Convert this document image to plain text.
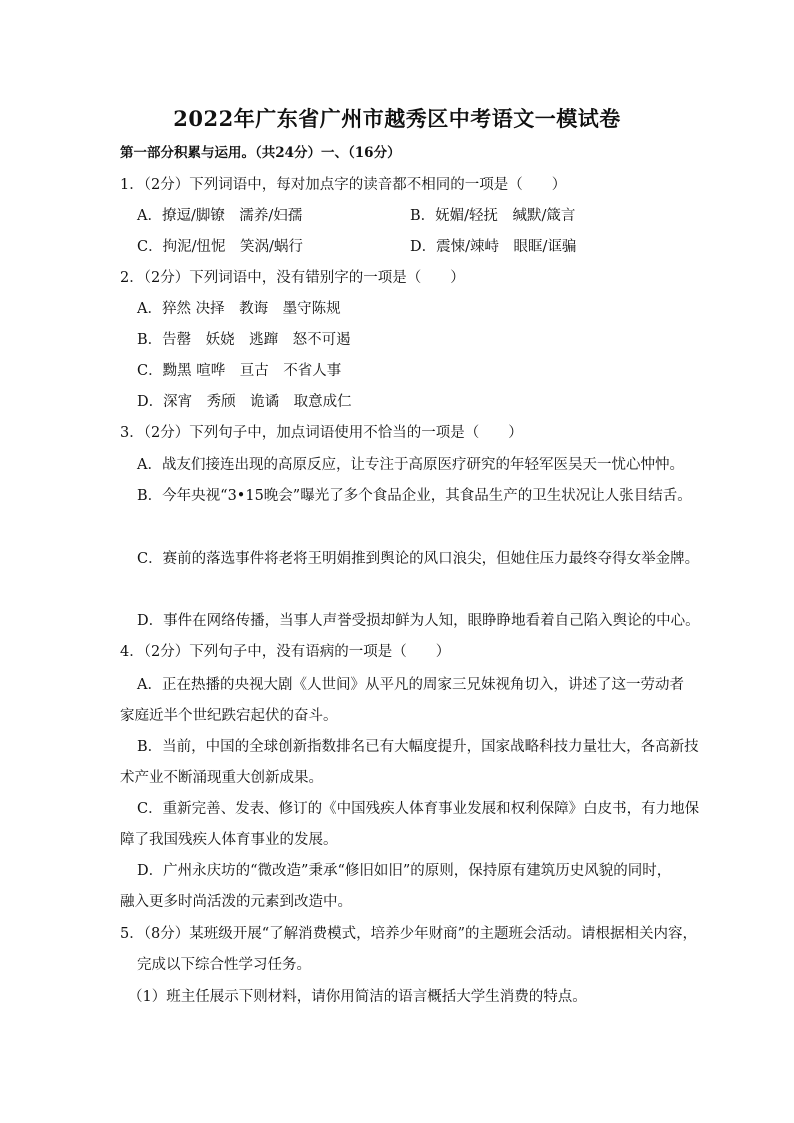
2022年广东省广州市越秀区中考语文一模试卷
第一部分积累与运用。（共24分）一、（16分）
1．（2分）下列词语中，每对加点字的读音都不相同的一项是（　　）
A．撩逗/脚镣　濡养/妇孺	B．妩媚/轻抚　缄默/箴言
C．拘泥/忸怩　笑涡/蜗行	D．震悚/竦峙　眼眶/诓骗
2．（2分）下列词语中，没有错别字的一项是（　　）
A．猝然 决择　教诲　墨守陈规
B．告罄　妖娆　逃蹿　怒不可遏
C．黝黑 喧哗　亘古　不省人事
D．深宵　秀颀　诡谲　取意成仁
3．（2分）下列句子中，加点词语使用不恰当的一项是（　　）
A．战友们接连出现的高原反应，让专注于高原医疗研究的年轻军医吴天一忧心忡忡。
B．今年央视“3•15晚会”曝光了多个食品企业，其食品生产的卫生状况让人张目结舌。
C．赛前的落选事件将老将王明娟推到舆论的风口浪尖，但她住压力最终夺得女举金牌。
D．事件在网络传播，当事人声誉受损却鲜为人知，眼睁睁地看着自己陷入舆论的中心。
4．（2分）下列句子中，没有语病的一项是（　　）
A．正在热播的央视大剧《人世间》从平凡的周家三兄妹视角切入，讲述了这一劳动者
家庭近半个世纪跌宕起伏的奋斗。
B．当前，中国的全球创新指数排名已有大幅度提升，国家战略科技力量壮大，各高新技
术产业不断涌现重大创新成果。
C．重新完善、发表、修订的《中国残疾人体育事业发展和权利保障》白皮书，有力地保
障了我国残疾人体育事业的发展。
D．广州永庆坊的“微改造”秉承“修旧如旧”的原则，保持原有建筑历史风貌的同时，
融入更多时尚活泼的元素到改造中。
5．（8分）某班级开展“了解消费模式，培养少年财商”的主题班会活动。请根据相关内容，
完成以下综合性学习任务。
（1）班主任展示下则材料，请你用简洁的语言概括大学生消费的特点。
